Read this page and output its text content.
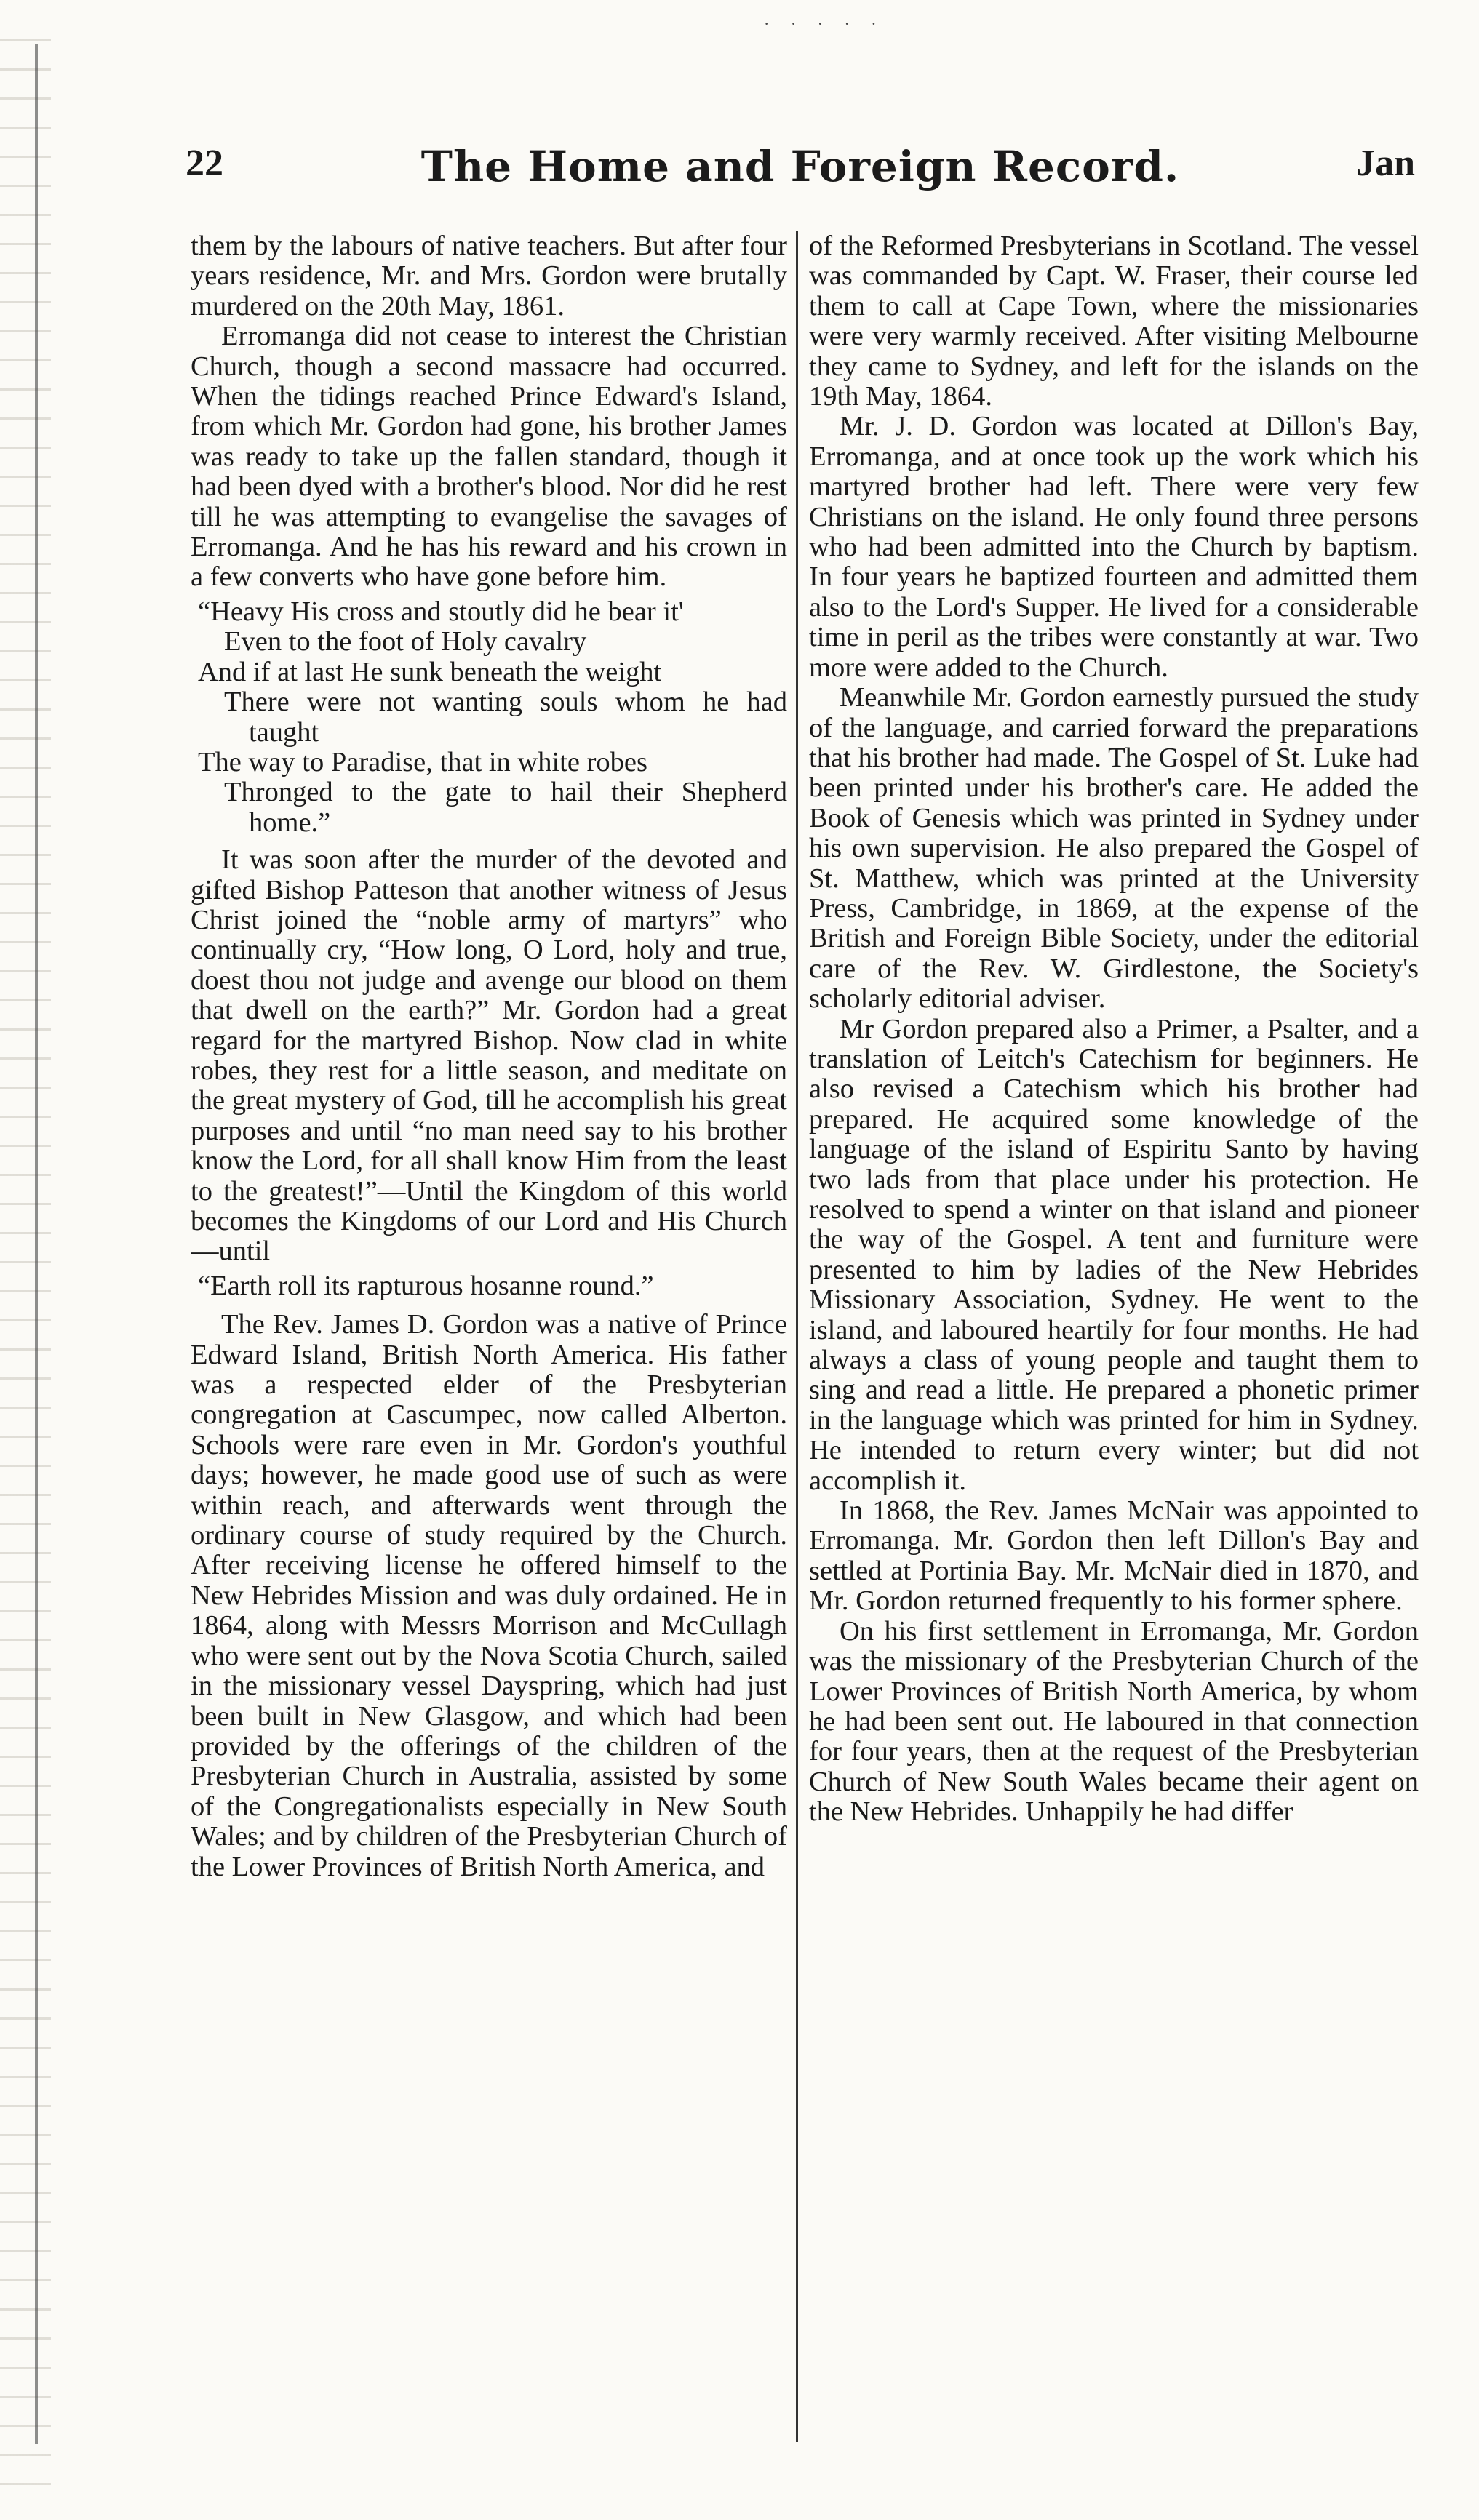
· · · · ·
22	The Home and Foreign Record.	Jan

them by the labours of native teachers. But after four years residence, Mr. and Mrs. Gordon were brutally murdered on the 20th May, 1861.

Erromanga did not cease to interest the Christian Church, though a second massacre had occurred. When the tidings reached Prince Edward's Island, from which Mr. Gordon had gone, his brother James was ready to take up the fallen standard, though it had been dyed with a brother's blood. Nor did he rest till he was attempting to evangelise the savages of Erromanga. And he has his reward and his crown in a few converts who have gone before him.

“Heavy His cross and stoutly did he bear it'
Even to the foot of Holy cavalry
And if at last He sunk beneath the weight
There were not wanting souls whom he had taught
The way to Paradise, that in white robes
Thronged to the gate to hail their Shepherd home.”

It was soon after the murder of the devoted and gifted Bishop Patteson that another witness of Jesus Christ joined the “noble army of martyrs” who continually cry, “How long, O Lord, holy and true, doest thou not judge and avenge our blood on them that dwell on the earth?” Mr. Gordon had a great regard for the martyred Bishop. Now clad in white robes, they rest for a little season, and meditate on the great mystery of God, till he accomplish his great purposes and until “no man need say to his brother know the Lord, for all shall know Him from the least to the greatest!”—Until the Kingdom of this world becomes the Kingdoms of our Lord and His Church—until

“Earth roll its rapturous hosanne round.”

The Rev. James D. Gordon was a native of Prince Edward Island, British North America. His father was a respected elder of the Presbyterian congregation at Cascumpec, now called Alberton. Schools were rare even in Mr. Gordon's youthful days; however, he made good use of such as were within reach, and afterwards went through the ordinary course of study required by the Church. After receiving license he offered himself to the New Hebrides Mission and was duly ordained. He in 1864, along with Messrs Morrison and McCullagh who were sent out by the Nova Scotia Church, sailed in the missionary vessel Dayspring, which had just been built in New Glasgow, and which had been provided by the offerings of the children of the Presbyterian Church in Australia, assisted by some of the Congregationalists especially in New South Wales; and by children of the Presbyterian Church of the Lower Provinces of British North America, and

of the Reformed Presbyterians in Scotland. The vessel was commanded by Capt. W. Fraser, their course led them to call at Cape Town, where the missionaries were very warmly received. After visiting Melbourne they came to Sydney, and left for the islands on the 19th May, 1864.

Mr. J. D. Gordon was located at Dillon's Bay, Erromanga, and at once took up the work which his martyred brother had left. There were very few Christians on the island. He only found three persons who had been admitted into the Church by baptism. In four years he baptized fourteen and admitted them also to the Lord's Supper. He lived for a considerable time in peril as the tribes were constantly at war. Two more were added to the Church.

Meanwhile Mr. Gordon earnestly pursued the study of the language, and carried forward the preparations that his brother had made. The Gospel of St. Luke had been printed under his brother's care. He added the Book of Genesis which was printed in Sydney under his own supervision. He also prepared the Gospel of St. Matthew, which was printed at the University Press, Cambridge, in 1869, at the expense of the British and Foreign Bible Society, under the editorial care of the Rev. W. Girdlestone, the Society's scholarly editorial adviser.

Mr Gordon prepared also a Primer, a Psalter, and a translation of Leitch's Catechism for beginners. He also revised a Catechism which his brother had prepared. He acquired some knowledge of the language of the island of Espiritu Santo by having two lads from that place under his protection. He resolved to spend a winter on that island and pioneer the way of the Gospel. A tent and furniture were presented to him by ladies of the New Hebrides Missionary Association, Sydney. He went to the island, and laboured heartily for four months. He had always a class of young people and taught them to sing and read a little. He prepared a phonetic primer in the language which was printed for him in Sydney. He intended to return every winter; but did not accomplish it.

In 1868, the Rev. James McNair was appointed to Erromanga. Mr. Gordon then left Dillon's Bay and settled at Portinia Bay. Mr. McNair died in 1870, and Mr. Gordon returned frequently to his former sphere.

On his first settlement in Erromanga, Mr. Gordon was the missionary of the Presbyterian Church of the Lower Provinces of British North America, by whom he had been sent out. He laboured in that connection for four years, then at the request of the Presbyterian Church of New South Wales became their agent on the New Hebrides. Unhappily he had differ
